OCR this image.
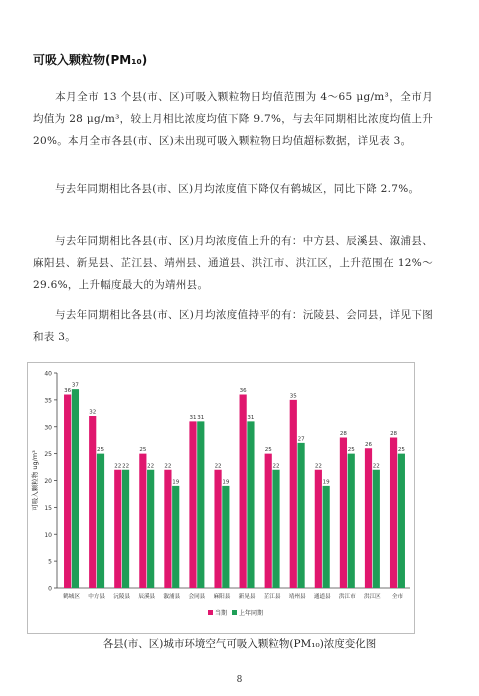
可吸入颗粒物(PM₁₀)
本月全市 13 个县(市、区)可吸入颗粒物日均值范围为 4～65 μg/m³，全市月均值为 28 μg/m³，较上月相比浓度均值下降 9.7%，与去年同期相比浓度均值上升 20%。本月全市各县(市、区)未出现可吸入颗粒物日均值超标数据，详见表 3。
与去年同期相比各县(市、区)月均浓度值下降仅有鹤城区，同比下降 2.7%。
与去年同期相比各县(市、区)月均浓度值上升的有：中方县、辰溪县、溆浦县、麻阳县、新晃县、芷江县、靖州县、通道县、洪江市、洪江区，上升范围在 12%～29.6%，上升幅度最大的为靖州县。
与去年同期相比各县(市、区)月均浓度值持平的有：沅陵县、会同县，详见下图和表 3。
0
5
10
15
20
25
30
35
40
可吸入颗粒物 ug/m³
36
37
鹤城区
32
25
中方县
22 22
沅陵县
25
22
辰溪县
22
19
溆浦县
31 31
会同县
22
19
麻阳县
36
31
新晃县
25
22
芷江县
35
27
靖州县
22
19
通道县
28
25
洪江市
26
22
洪江区
28
25
全市
当期 上年同期
各县(市、区)城市环境空气可吸入颗粒物(PM₁₀)浓度变化图
8
